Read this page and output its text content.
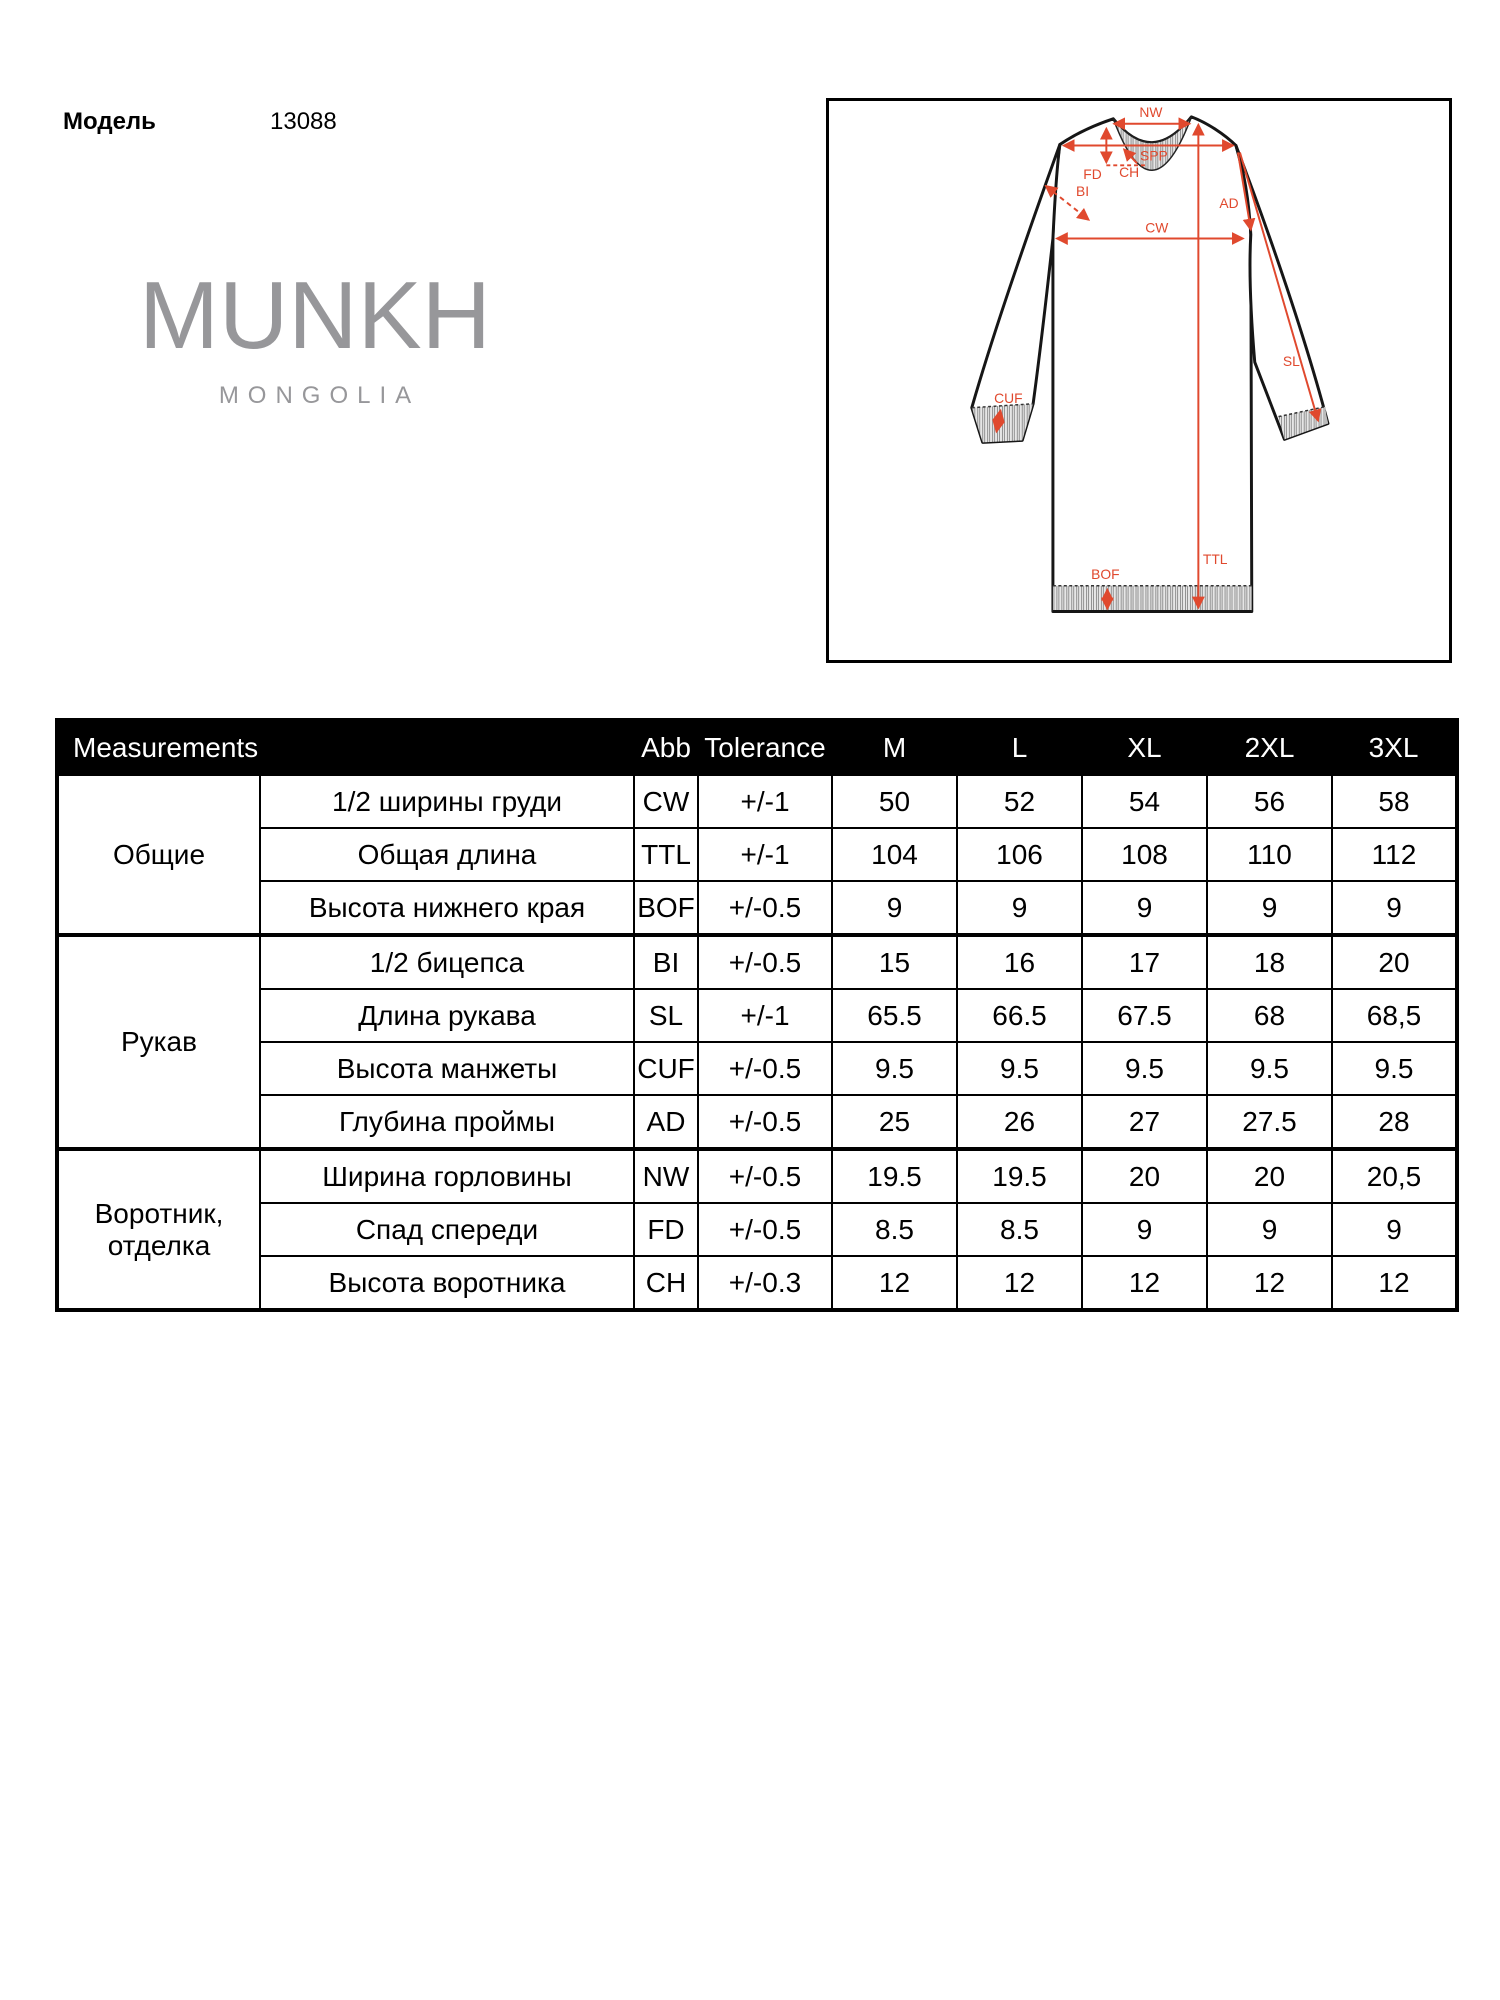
Модель	13088
MUNKH
MONGOLIA
NW
SPP
FD CH
BI
CW
AD
SL
CUF
TTL
BOF
Measurements		Abb	Tolerance	M	L	XL	2XL	3XL
Общие	1/2 ширины груди	CW	+/-1	50	52	54	56	58
	Общая длина	TTL	+/-1	104	106	108	110	112
	Высота нижнего края	BOF	+/-0.5	9	9	9	9	9
Рукав	1/2 бицепса	BI	+/-0.5	15	16	17	18	20
	Длина рукава	SL	+/-1	65.5	66.5	67.5	68	68,5
	Высота манжеты	CUF	+/-0.5	9.5	9.5	9.5	9.5	9.5
	Глубина проймы	AD	+/-0.5	25	26	27	27.5	28
Воротник, отделка	Ширина горловины	NW	+/-0.5	19.5	19.5	20	20	20,5
	Спад спереди	FD	+/-0.5	8.5	8.5	9	9	9
	Высота воротника	CH	+/-0.3	12	12	12	12	12
